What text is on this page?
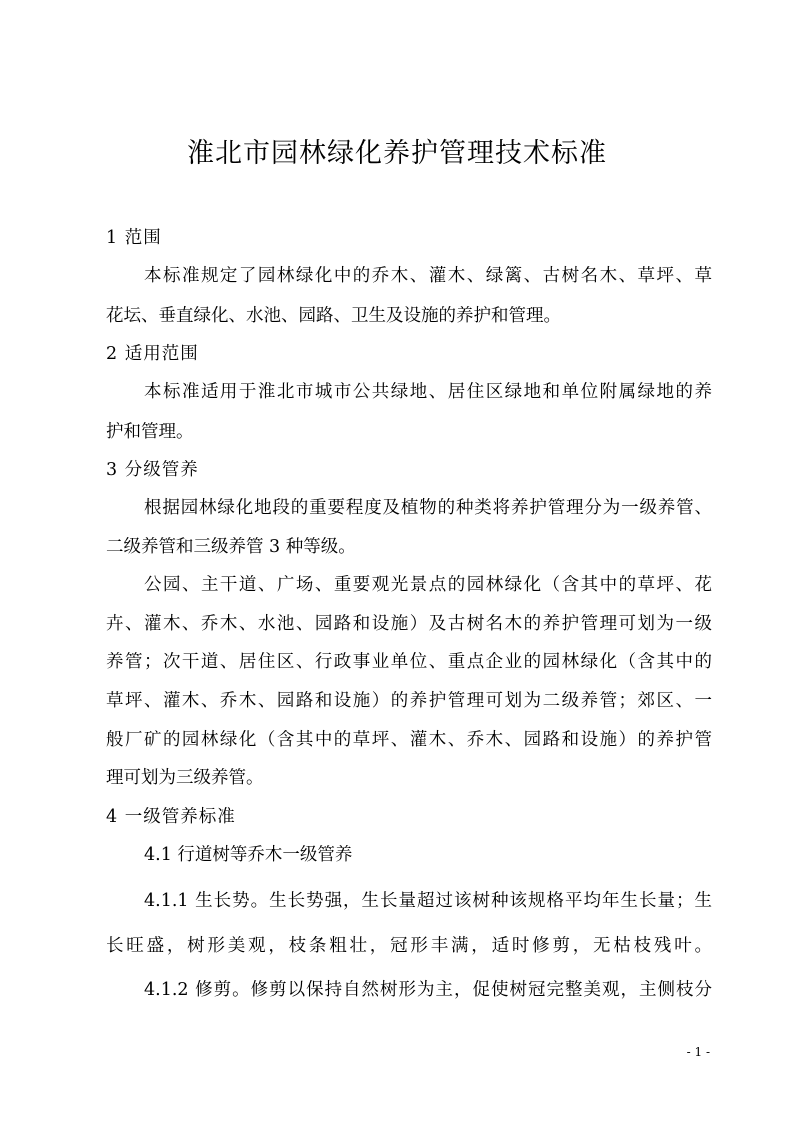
淮北市园林绿化养护管理技术标准
1 范围
本标准规定了园林绿化中的乔木、灌木、绿篱、古树名木、草坪、草
花坛、垂直绿化、水池、园路、卫生及设施的养护和管理。
2 适用范围
本标准适用于淮北市城市公共绿地、居住区绿地和单位附属绿地的养
护和管理。
3 分级管养
根据园林绿化地段的重要程度及植物的种类将养护管理分为一级养管、
二级养管和三级养管 3 种等级。
公园、主干道、广场、重要观光景点的园林绿化（含其中的草坪、花
卉、灌木、乔木、水池、园路和设施）及古树名木的养护管理可划为一级
养管；次干道、居住区、行政事业单位、重点企业的园林绿化（含其中的
草坪、灌木、乔木、园路和设施）的养护管理可划为二级养管；郊区、一
般厂矿的园林绿化（含其中的草坪、灌木、乔木、园路和设施）的养护管
理可划为三级养管。
4 一级管养标准
4.1 行道树等乔木一级管养
4.1.1 生长势。生长势强，生长量超过该树种该规格平均年生长量；生
长旺盛，树形美观，枝条粗壮，冠形丰满，适时修剪，无枯枝残叶。
4.1.2 修剪。修剪以保持自然树形为主，促使树冠完整美观，主侧枝分
- 1 -
